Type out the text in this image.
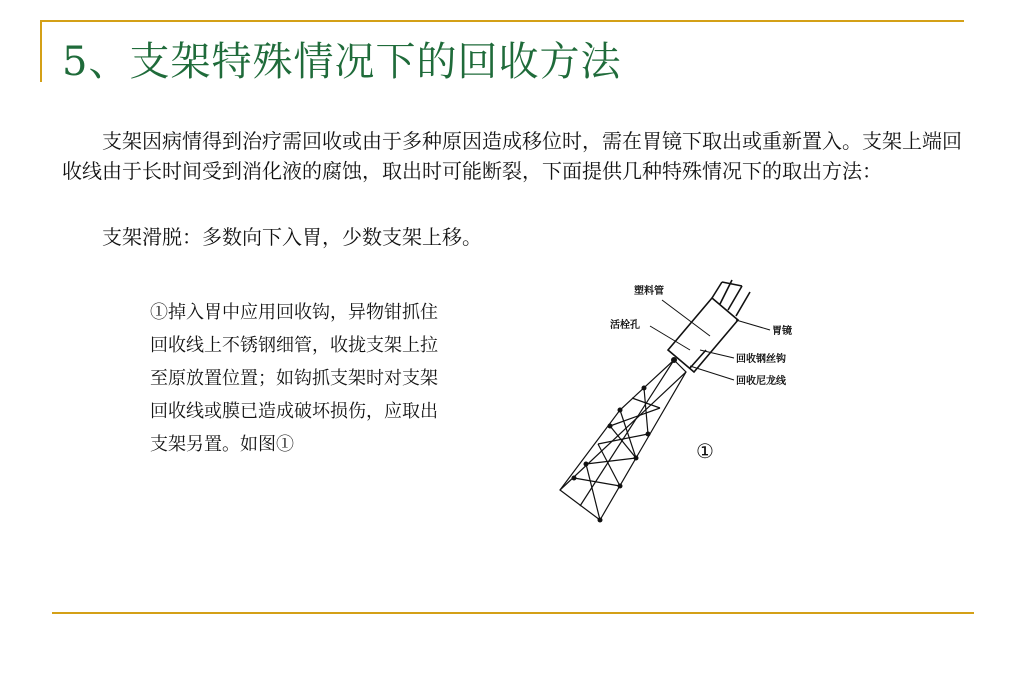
5、支架特殊情况下的回收方法

支架因病情得到治疗需回收或由于多种原因造成移位时，需在胃镜下取出或重新置入。支架上端回收线由于长时间受到消化液的腐蚀，取出时可能断裂，下面提供几种特殊情况下的取出方法：

支架滑脱：多数向下入胃，少数支架上移。

①掉入胃中应用回收钩，异物钳抓住回收线上不锈钢细管，收拢支架上拉至原放置位置；如钩抓支架时对支架回收线或膜已造成破坏损伤，应取出支架另置。如图①

塑料管
活栓孔
胃镜
回收钢丝钩
回收尼龙线
①
